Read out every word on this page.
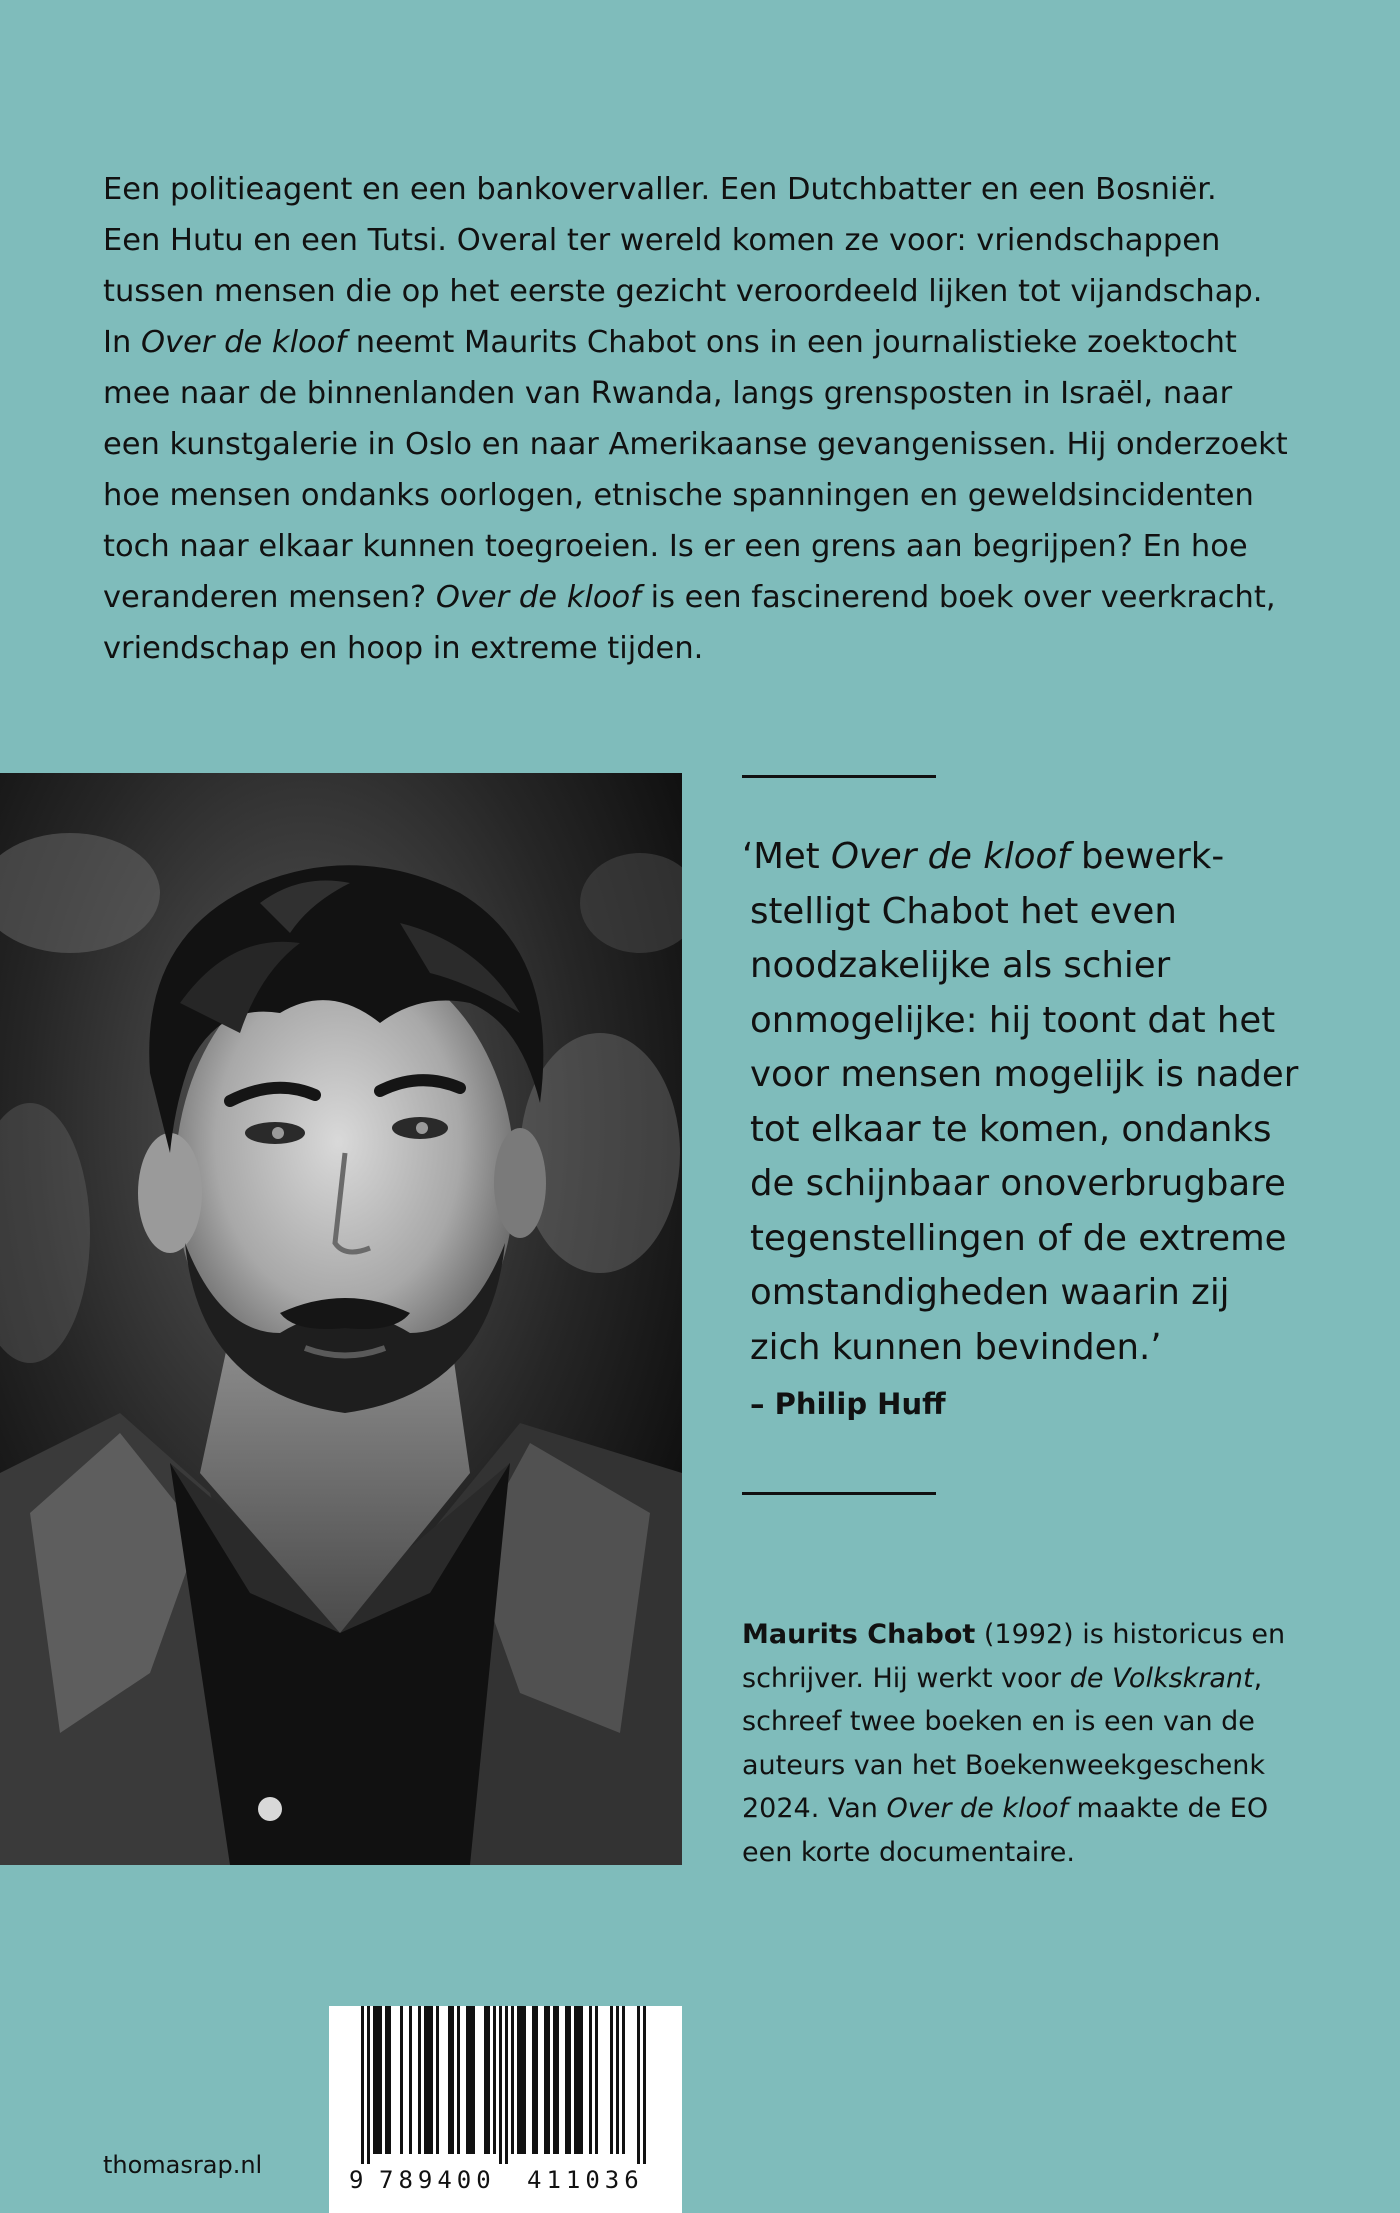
Een politieagent en een bankovervaller. Een Dutchbatter en een Bosniër.

Een Hutu en een Tutsi. Overal ter wereld komen ze voor: vriendschappen

tussen mensen die op het eerste gezicht veroordeeld lijken tot vijandschap.

In Over de kloof neemt Maurits Chabot ons in een journalistieke zoektocht

mee naar de binnenlanden van Rwanda, langs grensposten in Israël, naar

een kunstgalerie in Oslo en naar Amerikaanse gevangenissen. Hij onderzoekt

hoe mensen ondanks oorlogen, etnische spanningen en geweldsincidenten

toch naar elkaar kunnen toegroeien. Is er een grens aan begrijpen? En hoe

veranderen mensen? Over de kloof is een fascinerend boek over veerkracht,

vriendschap en hoop in extreme tijden.

‘Met Over de kloof bewerk-

stelligt Chabot het even

noodzakelijke als schier

onmogelijke: hij toont dat het

voor mensen mogelijk is nader

tot elkaar te komen, ondanks

de schijnbaar onoverbrugbare

tegenstellingen of de extreme

omstandigheden waarin zij

zich kunnen bevinden.’

– Philip Huff

Maurits Chabot (1992) is historicus en

schrijver. Hij werkt voor de Volkskrant,

schreef twee boeken en is een van de

auteurs van het Boekenweekgeschenk

2024. Van Over de kloof maakte de EO

een korte documentaire.

9 789400 411036
thomasrap.nl
